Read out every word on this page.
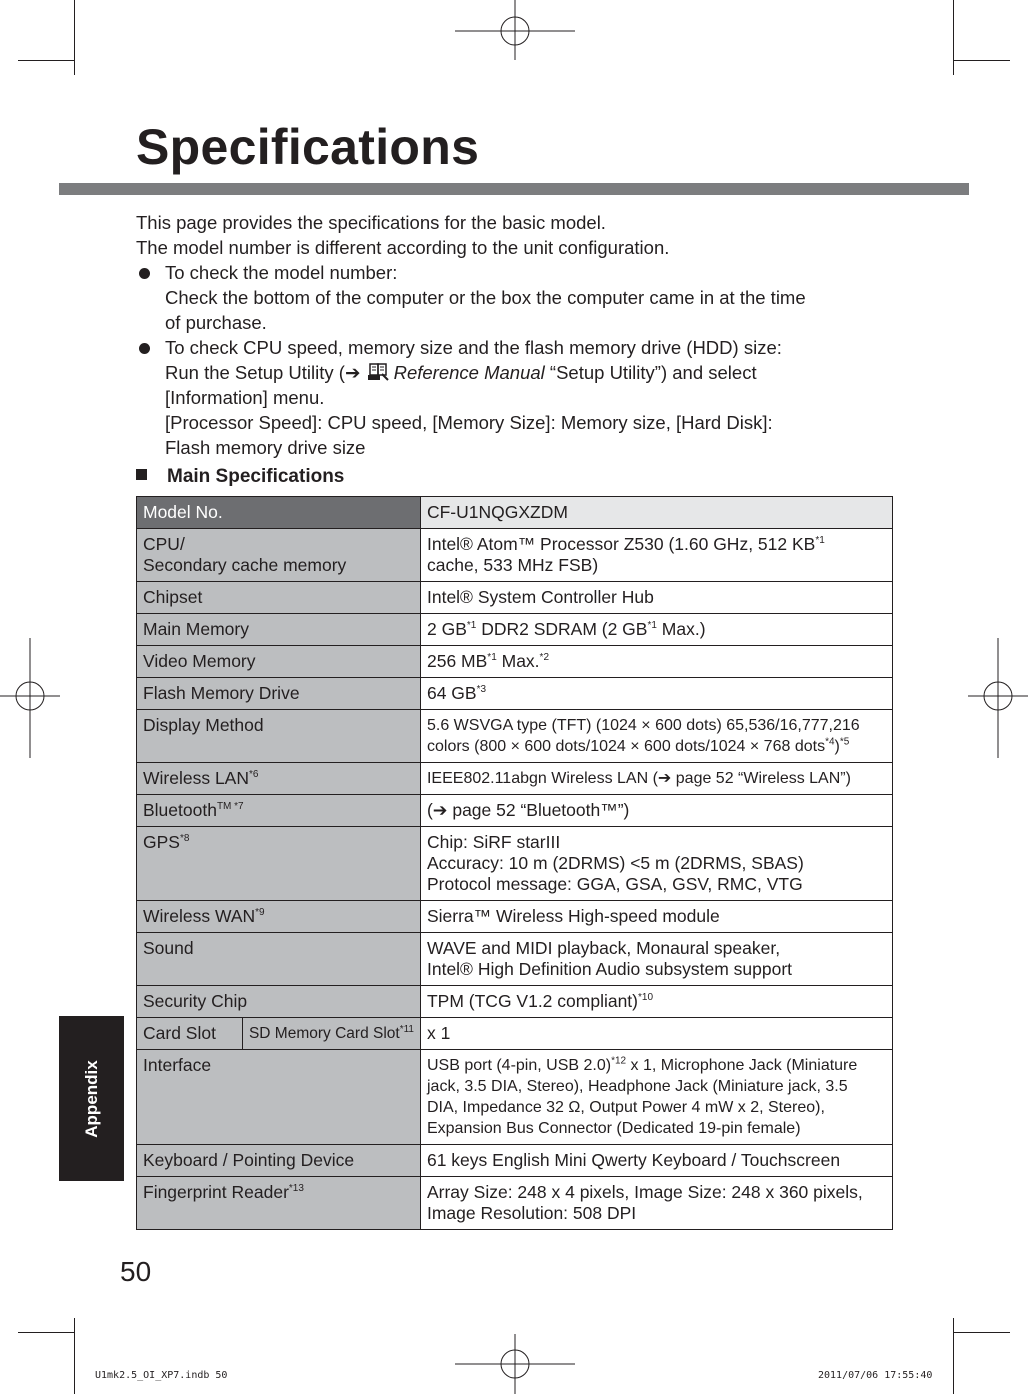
Specifications

This page provides the specifications for the basic model.

The model number is different according to the unit configuration.

To check the model number:
Check the bottom of the computer or the box the computer came in at the time
of purchase.
To check CPU speed, memory size and the flash memory drive (HDD) size:
Run the Setup Utility (➔ Reference Manual “Setup Utility”) and select
[Information] menu.
[Processor Speed]: CPU speed, [Memory Size]: Memory size, [Hard Disk]:
Flash memory drive size
Main Specifications
Model No.		CF-U1NQGXZDM

CPU/
Secondary cache memory		Intel® Atom™ Processor Z530 (1.60 GHz, 512 KB$^{*1}$
cache, 533 MHz FSB)

Chipset		Intel® System Controller Hub
Main Memory		2 GB$^{*1}$ DDR2 SDRAM (2 GB$^{*1}$ Max.)
Video Memory		256 MB$^{*1}$ Max.$^{*2}$
Flash Memory Drive		64 GB$^{*3}$
Display Method		5.6 WSVGA type (TFT) (1024 × 600 dots) 65,536/16,777,216
colors (800 × 600 dots/1024 × 600 dots/1024 × 768 dots$^{*4}$)$^{*5}$
Wireless LAN$^{*6}$		IEEE802.11abgn Wireless LAN (➔ page 52 “Wireless LAN”)
Bluetooth$^{TM *7}$		(➔ page 52 “Bluetooth™”)
GPS$^{*8}$		Chip: SiRF starIII
Accuracy: 10 m (2DRMS) <5 m (2DRMS, SBAS)
Protocol message: GGA, GSA, GSV, RMC, VTG

Wireless WAN$^{*9}$		Sierra™ Wireless High-speed module
Sound		WAVE and MIDI playback, Monaural speaker,
Intel® High Definition Audio subsystem support

Security Chip		TPM (TCG V1.2 compliant)$^{*10}$
Card Slot	SD Memory Card Slot$^{*11}$	x 1
Interface		USB port (4-pin, USB 2.0)$^{*12}$ x 1, Microphone Jack (Miniature
jack, 3.5 DIA, Stereo), Headphone Jack (Miniature jack, 3.5
DIA, Impedance 32 Ω, Output Power 4 mW x 2, Stereo),
Expansion Bus Connector (Dedicated 19-pin female)

Keyboard / Pointing Device		61 keys English Mini Qwerty Keyboard / Touchscreen
Fingerprint Reader$^{*13}$		Array Size: 248 x 4 pixels, Image Size: 248 x 360 pixels,
Image Resolution: 508 DPI
Appendix
50
U1mk2.5_OI_XP7.indb 50	2011/07/06 17:55:40
